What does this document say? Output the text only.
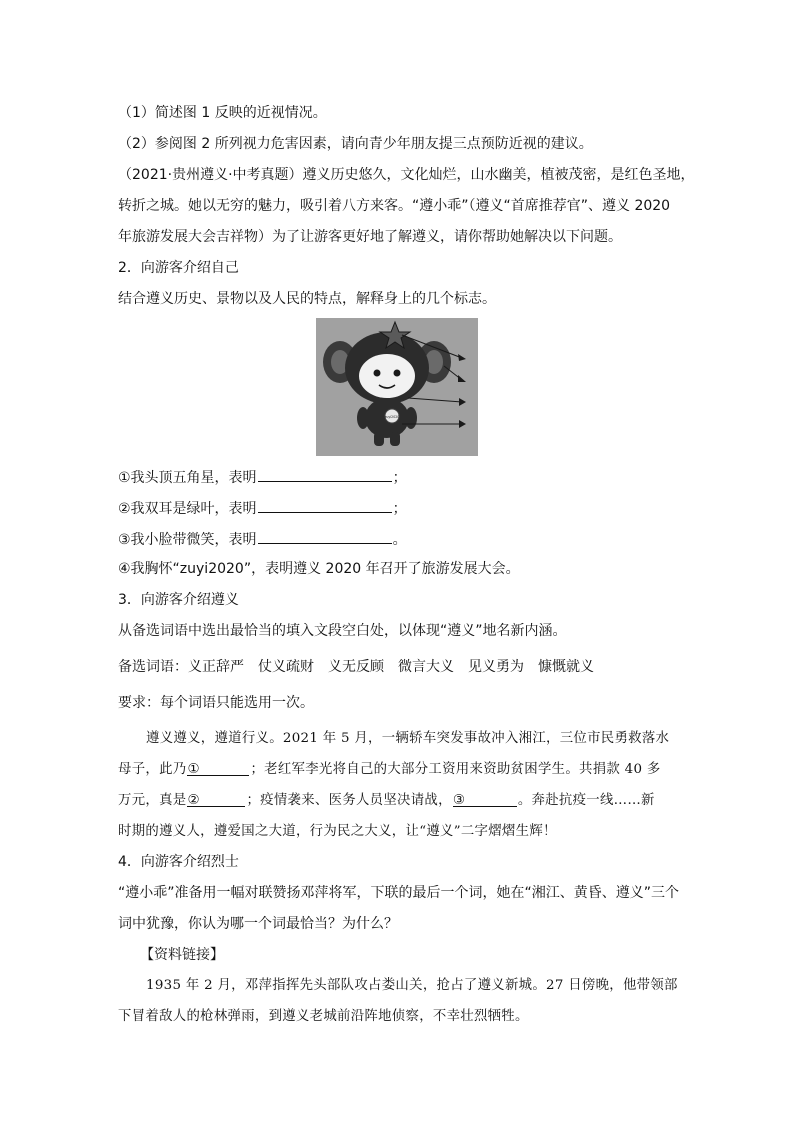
（1）简述图 1 反映的近视情况。
（2）参阅图 2 所列视力危害因素，请向青少年朋友提三点预防近视的建议。
（2021·贵州遵义·中考真题）遵义历史悠久，文化灿烂，山水幽美，植被茂密，是红色圣地，
转折之城。她以无穷的魅力，吸引着八方来客。“遵小乖”（遵义“首席推荐官”、遵义 2020
年旅游发展大会吉祥物）为了让游客更好地了解遵义，请你帮助她解决以下问题。
2．向游客介绍自己
结合遵义历史、景物以及人民的特点，解释身上的几个标志。
zuyi2020
①我头顶五角星，表明	；
②我双耳是绿叶，表明	；
③我小脸带微笑，表明	。
④我胸怀“zuyi2020”，表明遵义 2020 年召开了旅游发展大会。
3．向游客介绍遵义
从备选词语中选出最恰当的填入文段空白处，以体现“遵义”地名新内涵。
备选词语：义正辞严 仗义疏财 义无反顾 微言大义 见义勇为 慷慨就义
要求：每个词语只能选用一次。
遵义遵义，遵道行义。2021 年 5 月，一辆轿车突发事故冲入湘江，三位市民勇救落水
母子，此乃①	；老红军李光将自己的大部分工资用来资助贫困学生。共捐款 40 多
万元，真是②	；疫情袭来、医务人员坚决请战，③	。奔赴抗疫一线……新
时期的遵义人，遵爱国之大道，行为民之大义，让“遵义”二字熠熠生辉！
4．向游客介绍烈士
“遵小乖”准备用一幅对联赞扬邓萍将军，下联的最后一个词，她在“湘江、黄昏、遵义”三个
词中犹豫，你认为哪一个词最恰当？为什么？
【资料链接】
1935 年 2 月，邓萍指挥先头部队攻占娄山关，抢占了遵义新城。27 日傍晚，他带领部
下冒着敌人的枪林弹雨，到遵义老城前沿阵地侦察，不幸壮烈牺牲。
